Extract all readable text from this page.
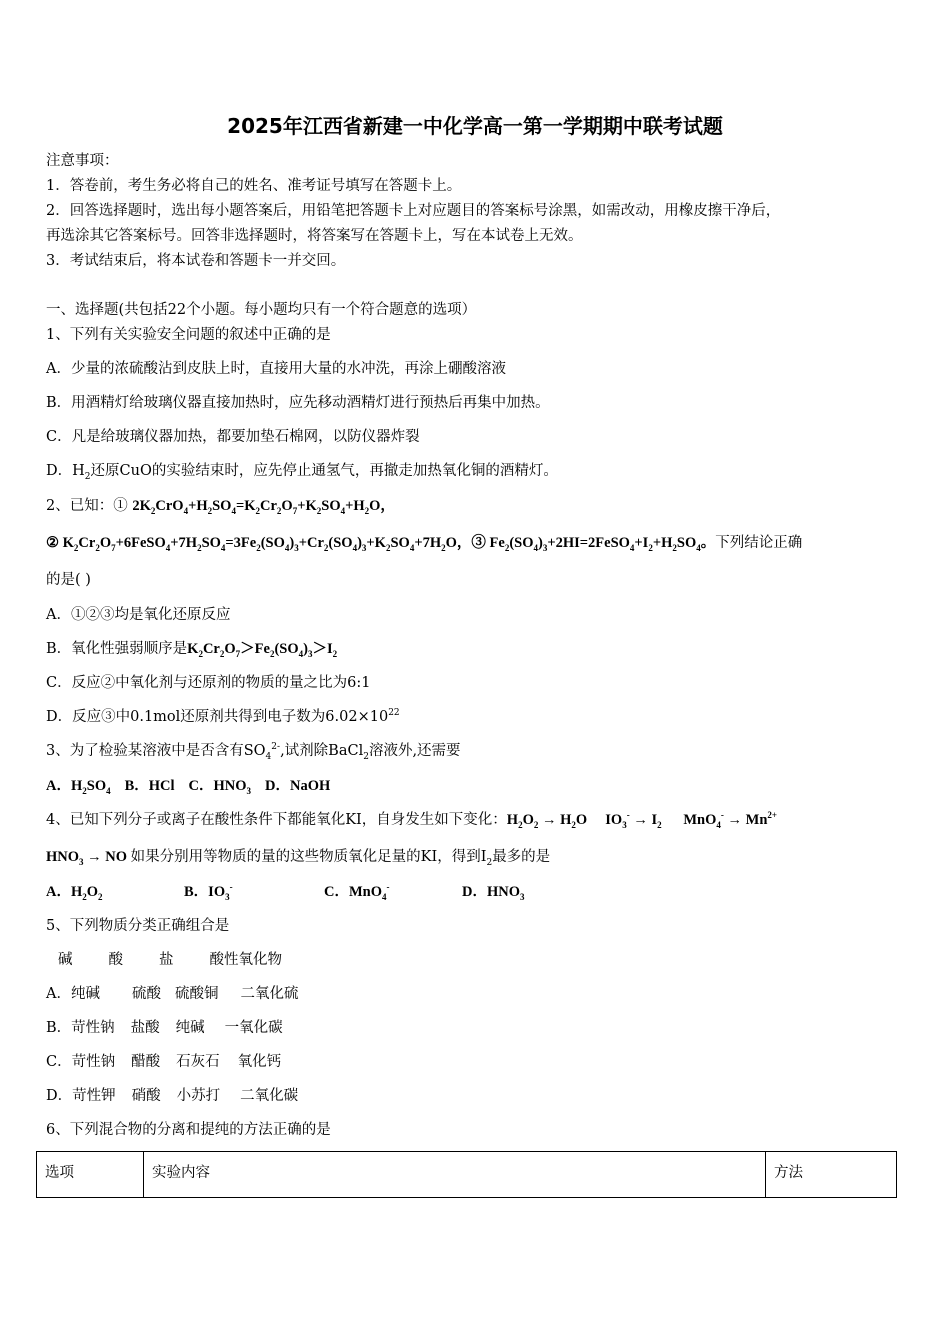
2025年江西省新建一中化学高一第一学期期中联考试题
注意事项：
1．答卷前，考生务必将自己的姓名、准考证号填写在答题卡上。
2．回答选择题时，选出每小题答案后，用铅笔把答题卡上对应题目的答案标号涂黑，如需改动，用橡皮擦干净后，
再选涂其它答案标号。回答非选择题时，将答案写在答题卡上，写在本试卷上无效。
3．考试结束后，将本试卷和答题卡一并交回。
一、选择题(共包括22个小题。每小题均只有一个符合题意的选项）
1、下列有关实验安全问题的叙述中正确的是
A．少量的浓硫酸沾到皮肤上时，直接用大量的水冲洗，再涂上硼酸溶液
B．用酒精灯给玻璃仪器直接加热时，应先移动酒精灯进行预热后再集中加热。
C．凡是给玻璃仪器加热，都要加垫石棉网，以防仪器炸裂
D．$H_2$还原CuO的实验结束时，应先停止通氢气，再撤走加热氧化铜的酒精灯。
2、已知：① $2K_2CrO_4+H_2SO_4=K_2Cr_2O_7+K_2SO_4+H_2O$，
② $K_2Cr_2O_7+6FeSO_4+7H_2SO_4=3Fe_2(SO_4)_3+Cr_2(SO_4)_3+K_2SO_4+7H_2O$，③ $Fe_2(SO_4)_3+2HI=2FeSO_4+I_2+H_2SO_4$。下列结论正确
的是( )
A．①②③均是氧化还原反应
B．氧化性强弱顺序是$K_2Cr_2O_7>Fe_2(SO_4)_3>I_2$
C．反应②中氧化剂与还原剂的物质的量之比为6:1
D．反应③中0.1mol还原剂共得到电子数为$6.02\times 10^{22}$
3、为了检验某溶液中是否含有$SO_4^{2-}$,试剂除BaCl$_2$溶液外,还需要
A．$H_2SO_4$ B．HCl C．$HNO_3$ D．NaOH
4、已知下列分子或离子在酸性条件下都能氧化KI，自身发生如下变化：$H_2O_2 \to H_2O$     $IO_3^- \to I_2$      $MnO_4^- \to Mn^{2+}$
$HNO_3$ → NO 如果分别用等物质的量的这些物质氧化足量的KI，得到$I_2$最多的是
A．$H_2O_2$	B．$IO_3^-$	C．MnO$_4$-	D．$HNO_3$
5、下列物质分类正确组合是
碱 酸 盐 酸性氧化物
A．纯碱 硫酸 硫酸铜 二氧化硫
B．苛性钠 盐酸 纯碱 一氧化碳
C．苛性钠 醋酸 石灰石 氧化钙
D．苛性钾 硝酸 小苏打 二氧化碳
6、下列混合物的分离和提纯的方法正确的是
选项	实验内容	方法
